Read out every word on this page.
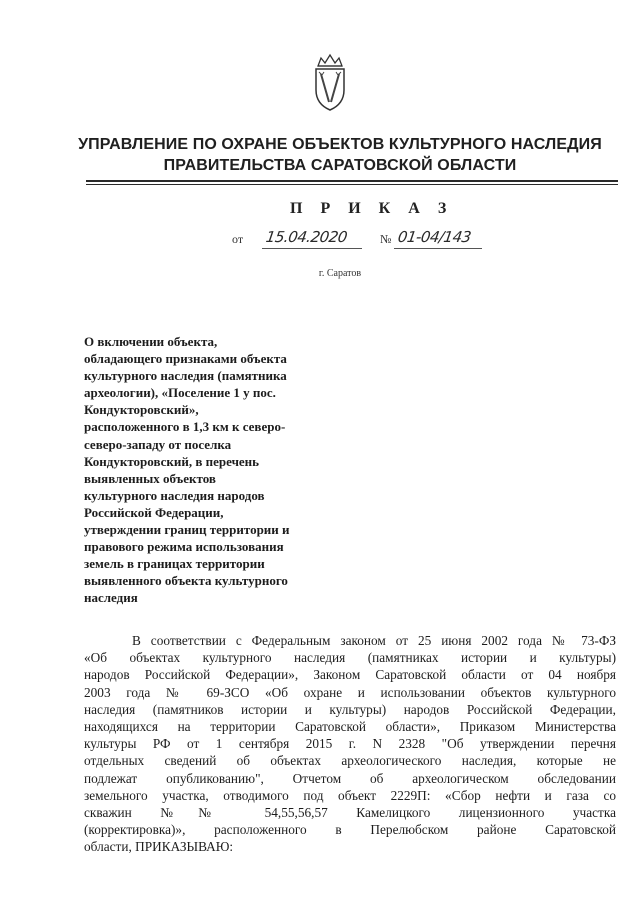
УПРАВЛЕНИЕ ПО ОХРАНЕ ОБЪЕКТОВ КУЛЬТУРНОГО НАСЛЕДИЯ
ПРАВИТЕЛЬСТВА САРАТОВСКОЙ ОБЛАСТИ
П Р И К А З
от 15.04.2020	№ 01-04/143
г. Саратов
О включении объекта,
обладающего признаками объекта
культурного наследия (памятника
археологии), «Поселение 1 у пос.
Кондукторовский»,
расположенного в 1,3 км к северо-
северо-западу от поселка
Кондукторовский, в перечень
выявленных объектов
культурного наследия народов
Российской Федерации,
утверждении границ территории и
правового режима использования
земель в границах территории
выявленного объекта культурного
наследия
В соответствии с Федеральным законом от 25 июня 2002 года № 73-ФЗ
«Об объектах культурного наследия (памятниках истории и культуры)
народов Российской Федерации», Законом Саратовской области от 04 ноября
2003 года № 69-ЗСО «Об охране и использовании объектов культурного
наследия (памятников истории и культуры) народов Российской Федерации,
находящихся на территории Саратовской области», Приказом Министерства
культуры РФ от 1 сентября 2015 г. N 2328 "Об утверждении перечня
отдельных сведений об объектах археологического наследия, которые не
подлежат опубликованию", Отчетом об археологическом обследовании
земельного участка, отводимого под объект 2229П: «Сбор нефти и газа со
скважин №№ 54,55,56,57 Камелицкого лицензионного участка
(корректировка)», расположенного в Перелюбском районе Саратовской
области, ПРИКАЗЫВАЮ:
